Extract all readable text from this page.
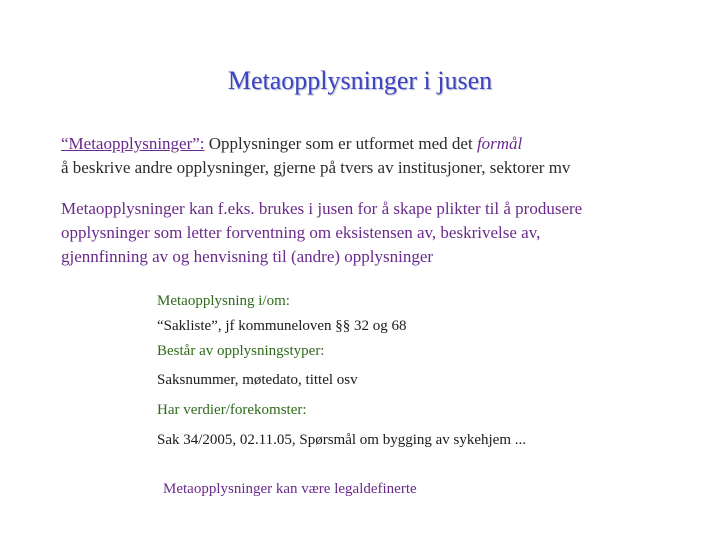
Metaopplysninger i jusen
“Metaopplysninger”: Opplysninger som er utformet med det formål
å beskrive andre opplysninger, gjerne på tvers av institusjoner, sektorer mv
Metaopplysninger kan f.eks. brukes i jusen for å skape plikter til å produsere
opplysninger som letter forventning om eksistensen av, beskrivelse av,
gjennfinning av og henvisning til (andre) opplysninger
Metaopplysning i/om:
“Sakliste”, jf kommuneloven §§ 32 og 68
Består av opplysningstyper:
Saksnummer, møtedato, tittel osv
Har verdier/forekomster:
Sak 34/2005, 02.11.05, Spørsmål om bygging av sykehjem ...
Metaopplysninger kan være legaldefinerte
